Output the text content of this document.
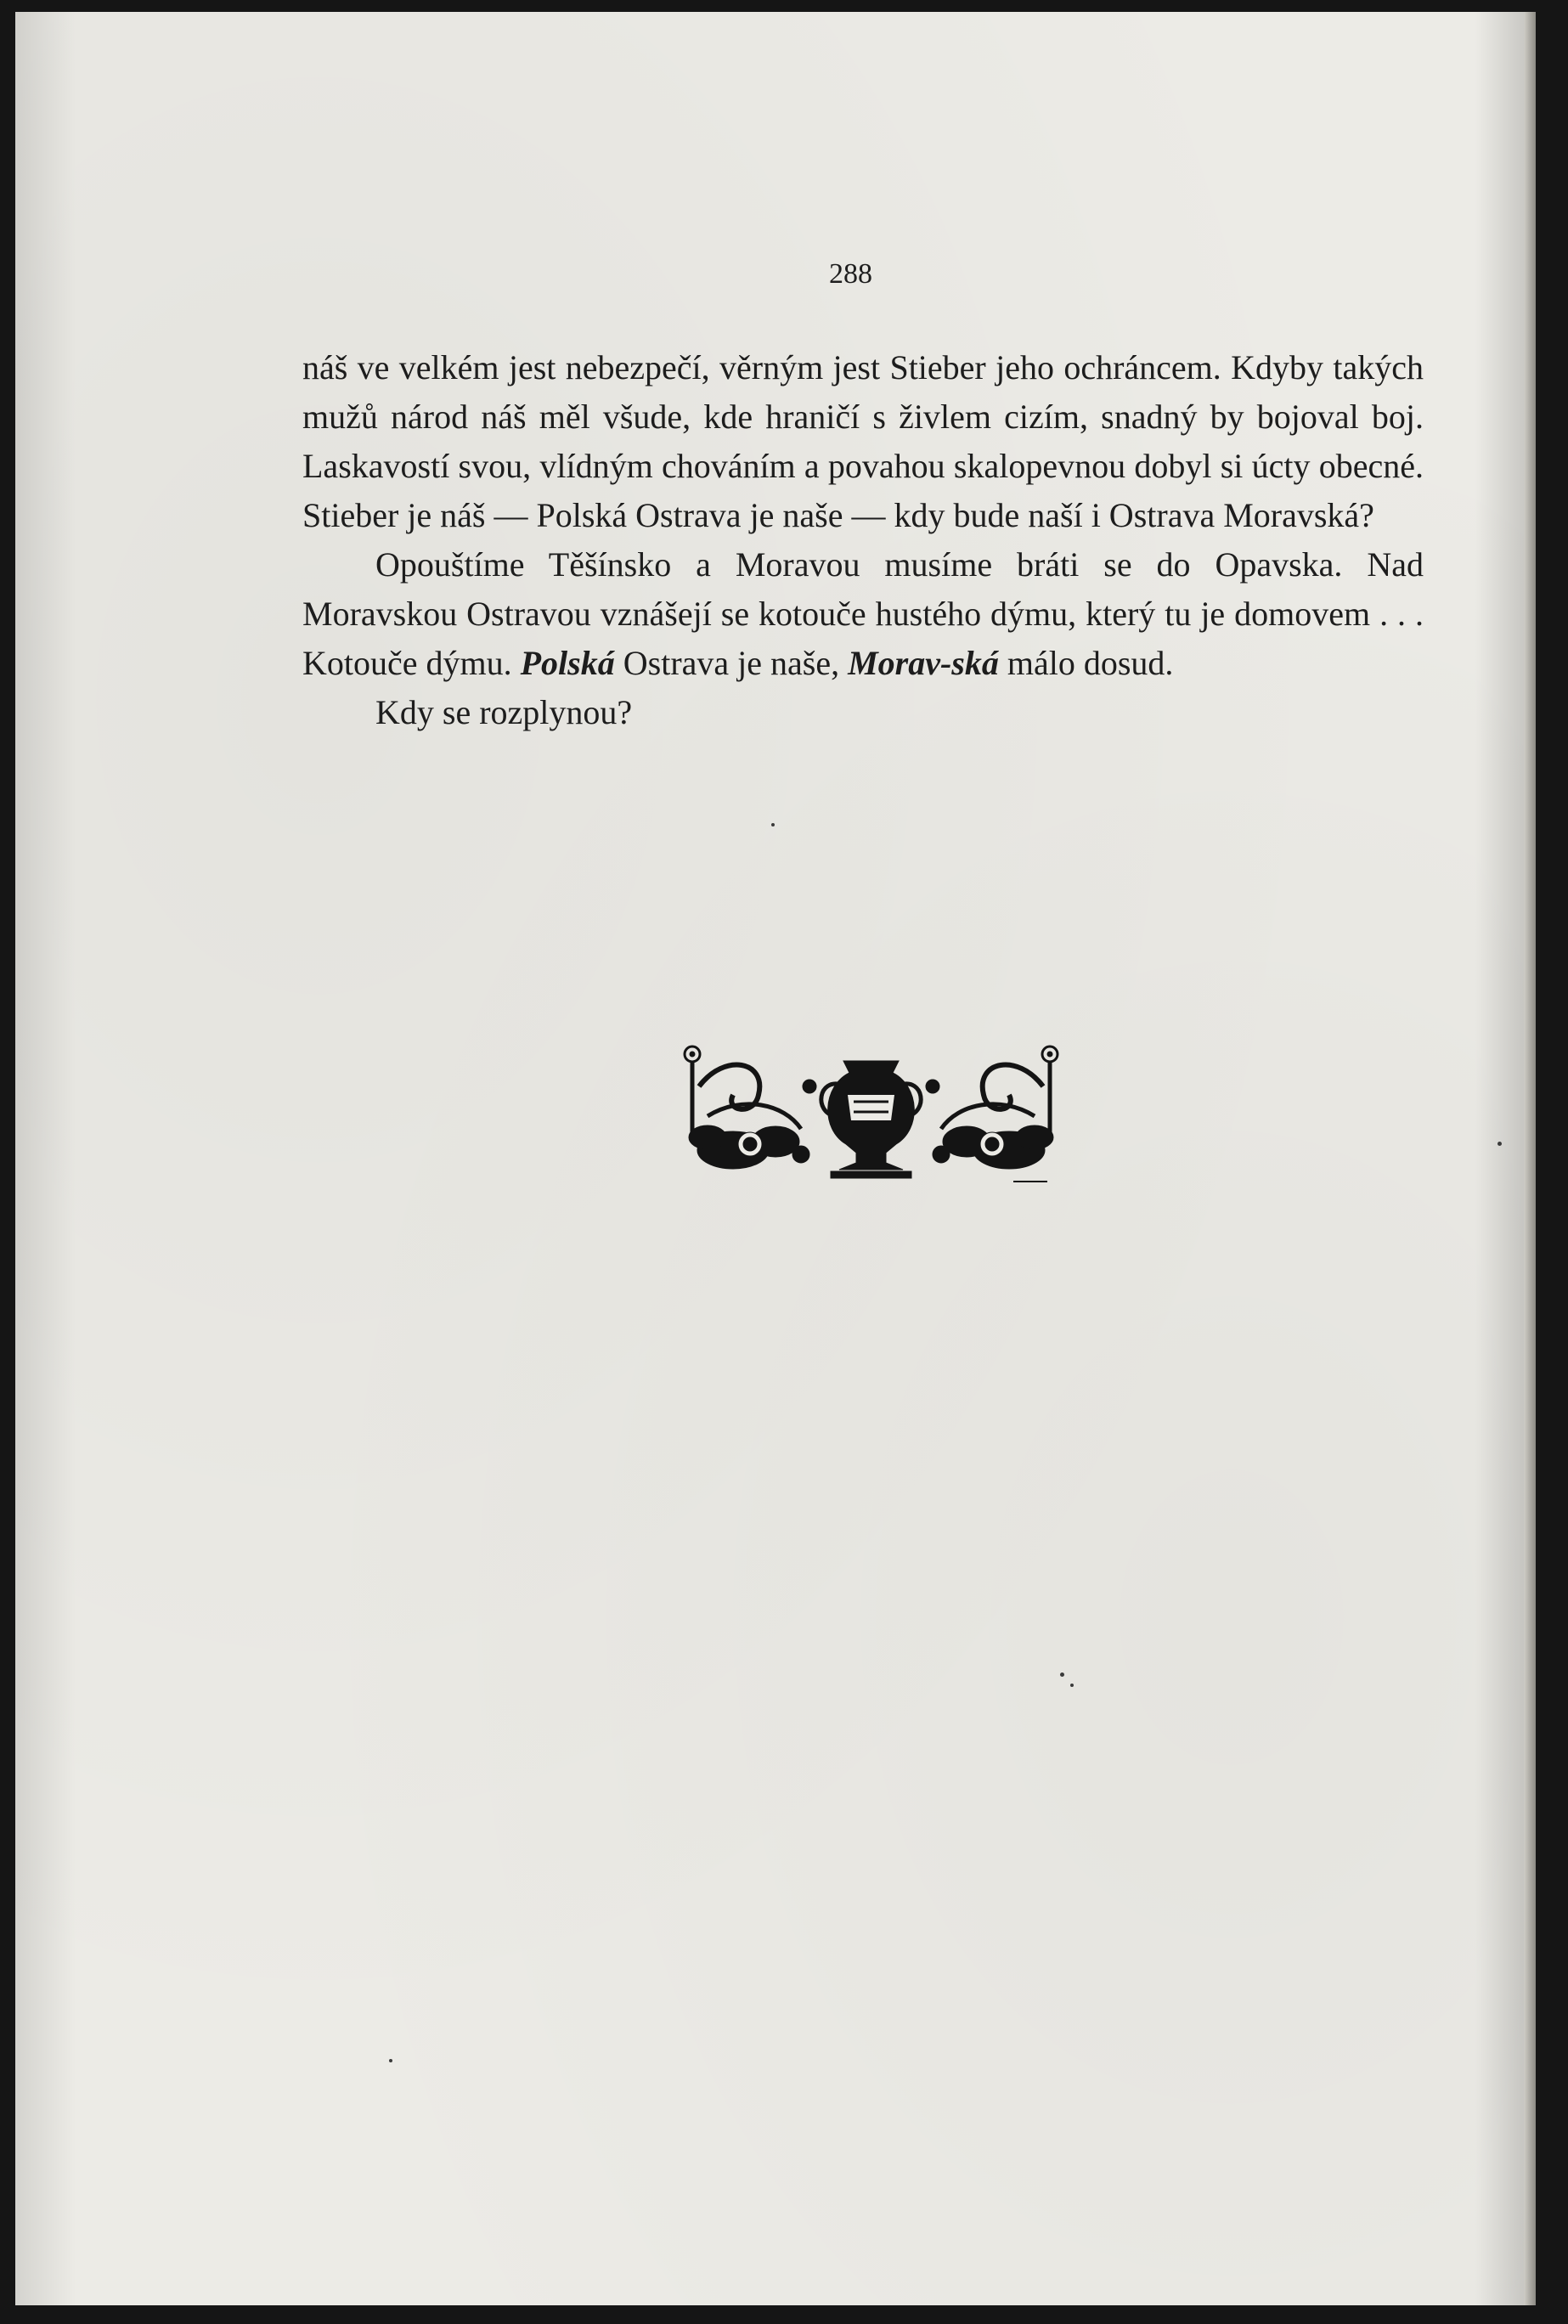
288

náš ve velkém jest nebezpečí, věrným jest Stieber jeho ochráncem. Kdyby takých mužů národ náš měl všude, kde hraničí s živlem cizím, snadný by bojoval boj. Laskavostí svou, vlídným chováním a povahou skalopevnou dobyl si úcty obecné. Stieber je náš — Polská Ostrava je naše — kdy bude naší i Ostrava Moravská?

Opouštíme Těšínsko a Moravou musíme bráti se do Opavska. Nad Moravskou Ostravou vznášejí se kotouče hustého dýmu, který tu je domovem . . . Kotouče dýmu. Polská Ostrava je naše, Morav-ská málo dosud.

Kdy se rozplynou?
